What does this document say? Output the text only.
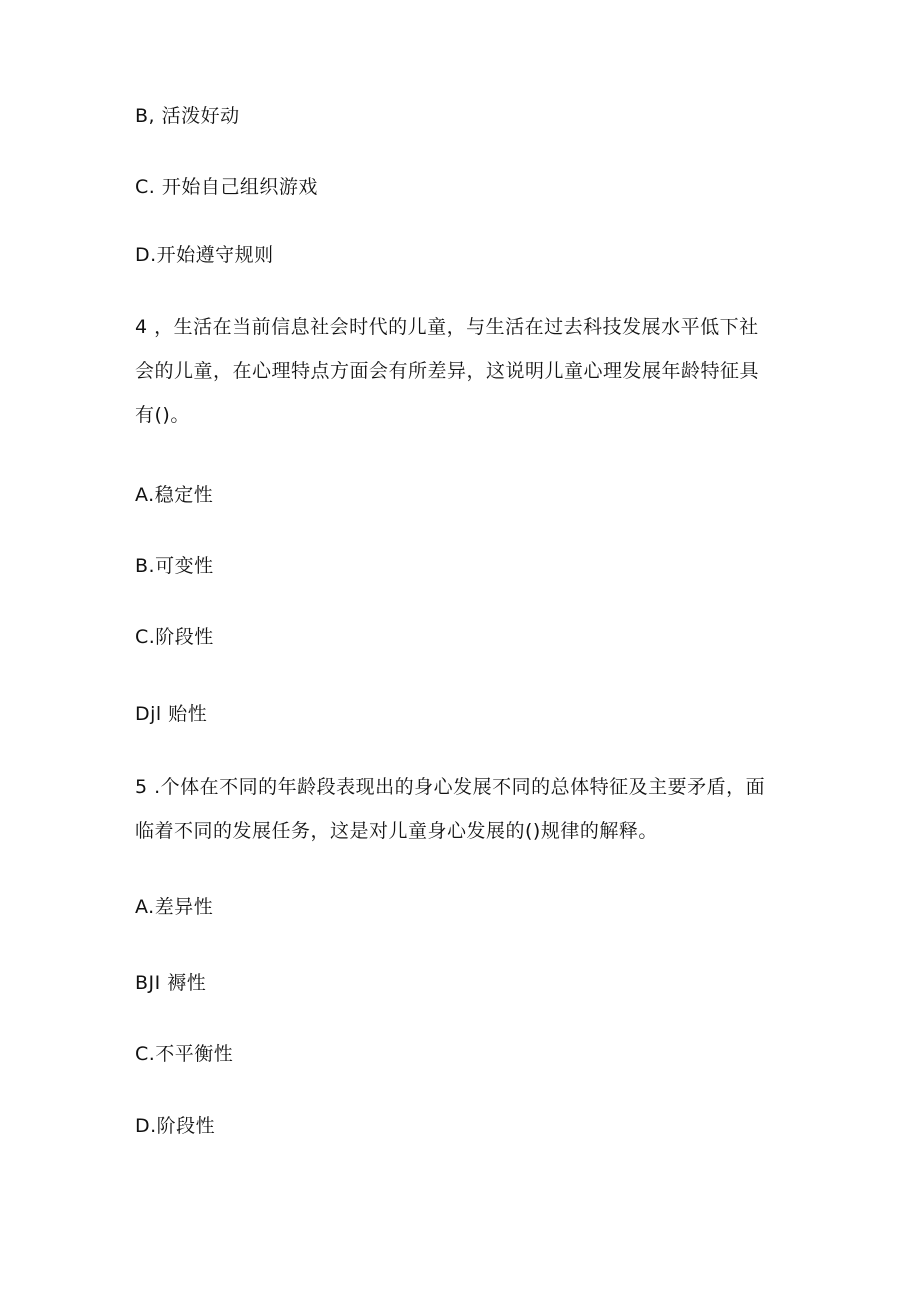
B, 活泼好动
C. 开始自己组织游戏
D.开始遵守规则
4 ，生活在当前信息社会时代的儿童，与生活在过去科技发展水平低下社
会的儿童，在心理特点方面会有所差异，这说明儿童心理发展年龄特征具
有()。
A.稳定性
B.可变性
C.阶段性
Djl 贻性
5 .个体在不同的年龄段表现出的身心发展不同的总体特征及主要矛盾，面
临着不同的发展任务，这是对儿童身心发展的()规律的解释。
A.差异性
BJI 褥性
C.不平衡性
D.阶段性
